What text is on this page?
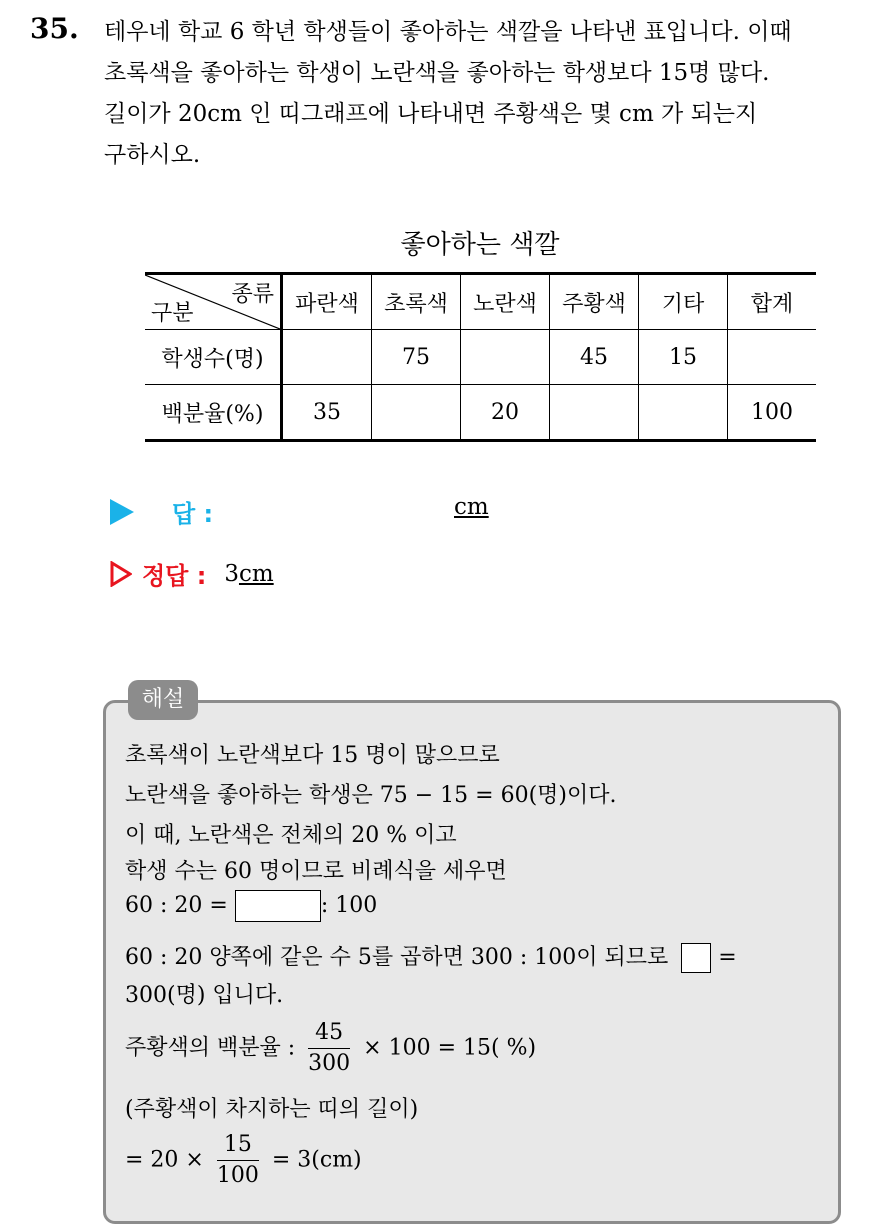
35. 테우네 학교 6 학년 학생들이 좋아하는 색깔을 나타낸 표입니다. 이때
초록색을 좋아하는 학생이 노란색을 좋아하는 학생보다 15명 많다.
길이가 20cm 인 띠그래프에 나타내면 주황색은 몇 cm 가 되는지
구하시오.
좋아하는 색깔
종류
구분	파란색	초록색	노란색	주황색	기타	합계
학생수(명)		75		45	15	
백분율(%)	35		20			100
답 :	cm
정답 : 3 cm
해설
초록색이 노란색보다 15 명이 많으므로
노란색을 좋아하는 학생은 75 − 15 = 60(명)이다.
이 때, 노란색은 전체의 20 % 이고
학생 수는 60 명이므로 비례식을 세우면
60 : 20 =	: 100
60 : 20 양쪽에 같은 수 5를 곱하면 300 : 100이 되므로 =
300(명) 입니다.
주황색의 백분율 : $\frac{45}{300} \times 100 = 15$( %)
(주황색이 차지하는 띠의 길이)
= $20 \times \frac{15}{100} = 3(cm)$
